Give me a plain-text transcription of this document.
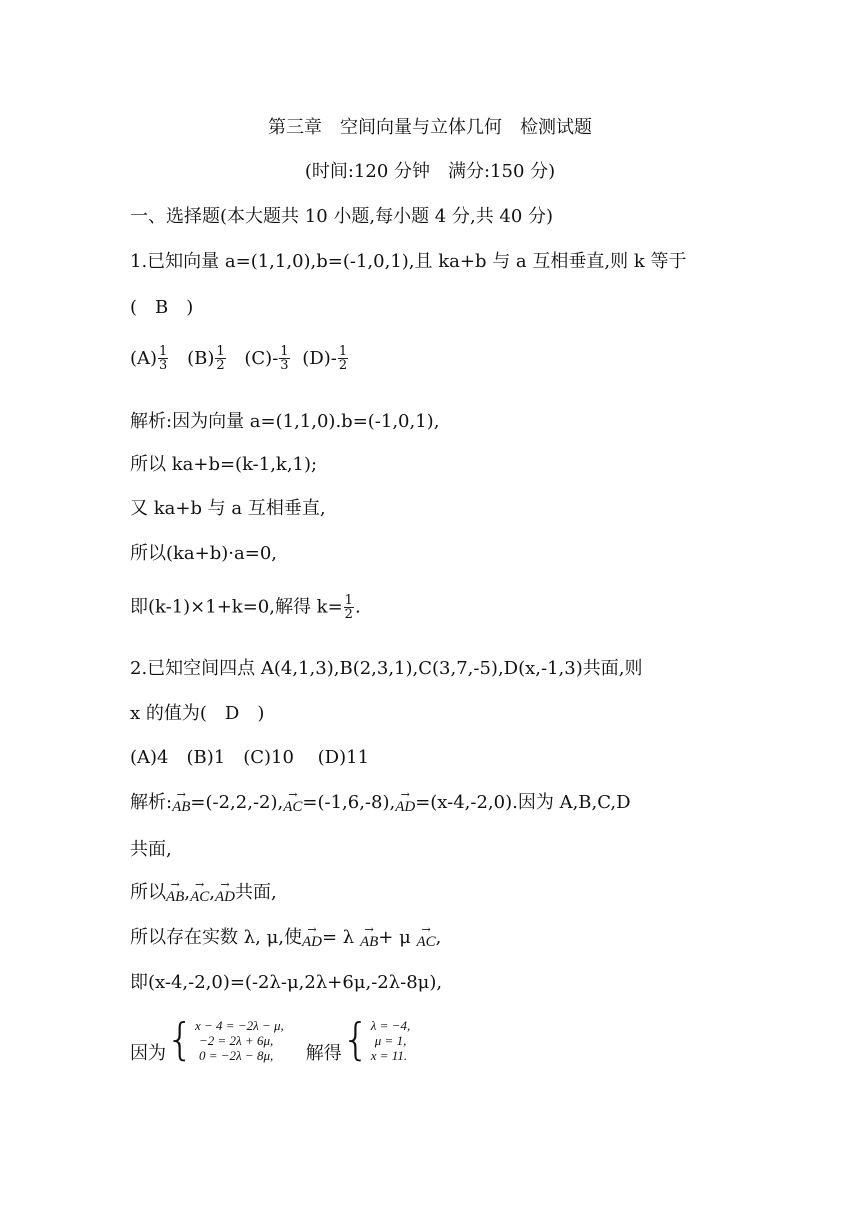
第三章　空间向量与立体几何　检测试题
(时间:120 分钟　满分:150 分)
一、选择题(本大题共 10 小题,每小题 4 分,共 40 分)
1.已知向量 a=(1,1,0),b=(-1,0,1),且 ka+b 与 a 互相垂直,则 k 等于
(　B　)
$(A) \frac{1}{3} (B) \frac{1}{2} (C)- \frac{1}{3} (D)- \frac{1}{2}$
解析:因为向量 a=(1,1,0).b=(-1,0,1),
所以 ka+b=(k-1,k,1);
又 ka+b 与 a 互相垂直,
所以(ka+b)·a=0,
即(k-1)×1+k=0,解得 $k= \frac{1}{2}$ .
2.已知空间四点 A(4,1,3),B(2,3,1),C(3,7,-5),D(x,-1,3)共面,则
x 的值为(　D　)
(A)4　(B)1　(C)10　 (D)11
解析: →
AB =(-2,2,-2), →
AC =(-1,6,-8), →
AD =(x-4,-2,0).因为 A,B,C,D
共面,
所以 →
AB , →
AC , →
AD 共面,
所以存在实数 λ, μ,使 →
AD = λ →
AB + μ →
AC ,
即(x-4,-2,0)=(-2λ-μ,2λ+6μ,-2λ-8μ),
因为 { x − 4 = −2λ − μ,
−2 = 2λ + 6μ,
0 = −2λ − 8μ,	解得 { λ = −4,
μ = 1,
x = 11.
